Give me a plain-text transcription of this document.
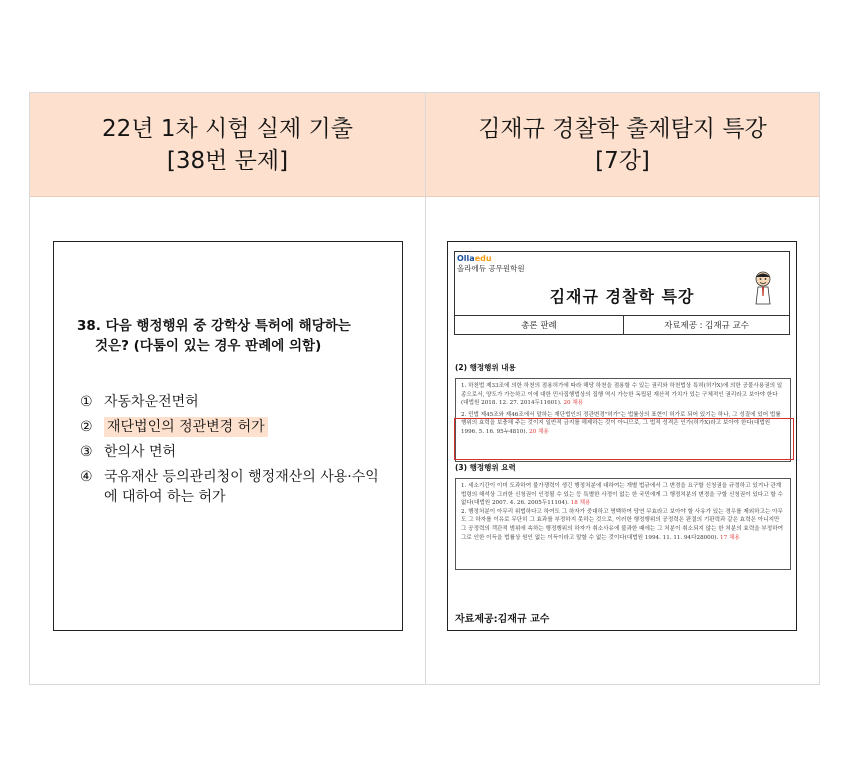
22년 1차 시험 실제 기출
[38번 문제]
38. 다음 행정행위 중 강학상 특허에 해당하는
것은? (다툼이 있는 경우 판례에 의함)
① 자동차운전면허
②	재단법인의 정관변경 허가
③ 한의사 면허
④ 국유재산 등의관리청이 행정재산의 사용·수익에 대하여 하는 허가
김재규 경찰학 출제탐지 특강
[7강]
Ollaedu
올라에듀 공무원학원
김재규 경찰학 특강
총론 판례	자료제공 : 김재규 교수
(2) 행정행위 내용

1. 하천법 제33조에 의한 하천의 점용허가에 따라 해당 하천을 점용할 수 있는 권리와 하천법상 특허(허가X)에 의한 공물사용권의 일종으로서, 양도가 가능하고 이에 대한 민사집행법상의 집행 역시 가능한 독립된 재산적 가치가 있는 구체적인 권리라고 보아야 한다(대법원 2018. 12. 27. 2014두11601). 20 채용

2. 민법 제45조와 제46조에서 말하는 재단법인의 정관변경"허가"는 법률상의 표현이 허가로 되어 있기는 하나, 그 성질에 있어 법률행위의 효력을 보충해 주는 것이지 일반적 금지를 해제하는 것이 아니므로, 그 법적 성격은 인가(허가X)라고 보아야 한다(대법원 1996. 5. 16. 95누4810). 20 채용

(3) 행정행위 요력

1. 세소기간이 이미 도과하여 불가쟁력이 생긴 행정처분에 대하여는 개별 법규에서 그 변경을 요구할 신청권을 규정하고 있거나 관계 법령의 해석상 그러한 신청권이 인정될 수 있는 등 특별한 사정이 없는 한 국민에게 그 행정처분의 변경을 구할 신청권이 있다고 할 수 없다(대법원 2007. 4. 26. 2005두11104). 18 채용

2. 행정처분이 아무리 위법하다고 하여도 그 하자가 중대하고 명백하여 당연 무효라고 보아야 할 사유가 있는 경우를 제외하고는 아무도 그 하자를 이유로 무단히 그 효과를 부정하지 못하는 것으로, 이러한 행정행위의 공정력은 판결의 기판력과 같은 효력은 아니지만 그 공정력의 객관적 범위에 속하는 행정행위의 하자가 취소사유에 불과한 때에는 그 처분이 취소되지 않는 한 처분의 효력을 부정하여 그로 인한 이득을 법률상 원인 없는 이득이라고 말할 수 없는 것이다(대법원 1994. 11. 11. 94다28000). 17 채용

자료제공:김재규 교수
